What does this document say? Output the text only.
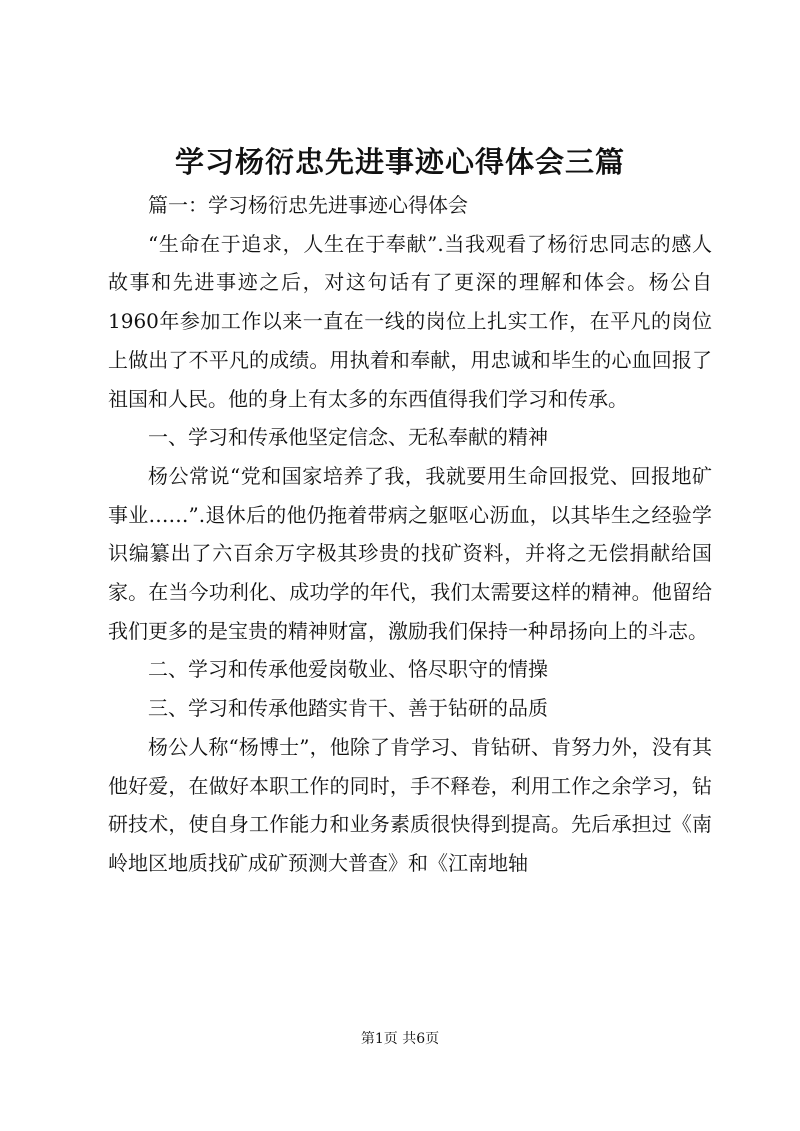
学习杨衍忠先进事迹心得体会三篇

篇一：学习杨衍忠先进事迹心得体会

“生命在于追求，人生在于奉献”.当我观看了杨衍忠同志的感人故事和先进事迹之后，对这句话有了更深的理解和体会。杨公自1960年参加工作以来一直在一线的岗位上扎实工作，在平凡的岗位上做出了不平凡的成绩。用执着和奉献，用忠诚和毕生的心血回报了祖国和人民。他的身上有太多的东西值得我们学习和传承。

一、学习和传承他坚定信念、无私奉献的精神

杨公常说“党和国家培养了我，我就要用生命回报党、回报地矿事业……”.退休后的他仍拖着带病之躯呕心沥血，以其毕生之经验学识编纂出了六百余万字极其珍贵的找矿资料，并将之无偿捐献给国家。在当今功利化、成功学的年代，我们太需要这样的精神。他留给我们更多的是宝贵的精神财富，激励我们保持一种昂扬向上的斗志。

二、学习和传承他爱岗敬业、恪尽职守的情操

三、学习和传承他踏实肯干、善于钻研的品质

杨公人称“杨博士”，他除了肯学习、肯钻研、肯努力外，没有其他好爱，在做好本职工作的同时，手不释卷，利用工作之余学习，钻研技术，使自身工作能力和业务素质很快得到提高。先后承担过《南岭地区地质找矿成矿预测大普查》和《江南地轴

第1页 共6页
